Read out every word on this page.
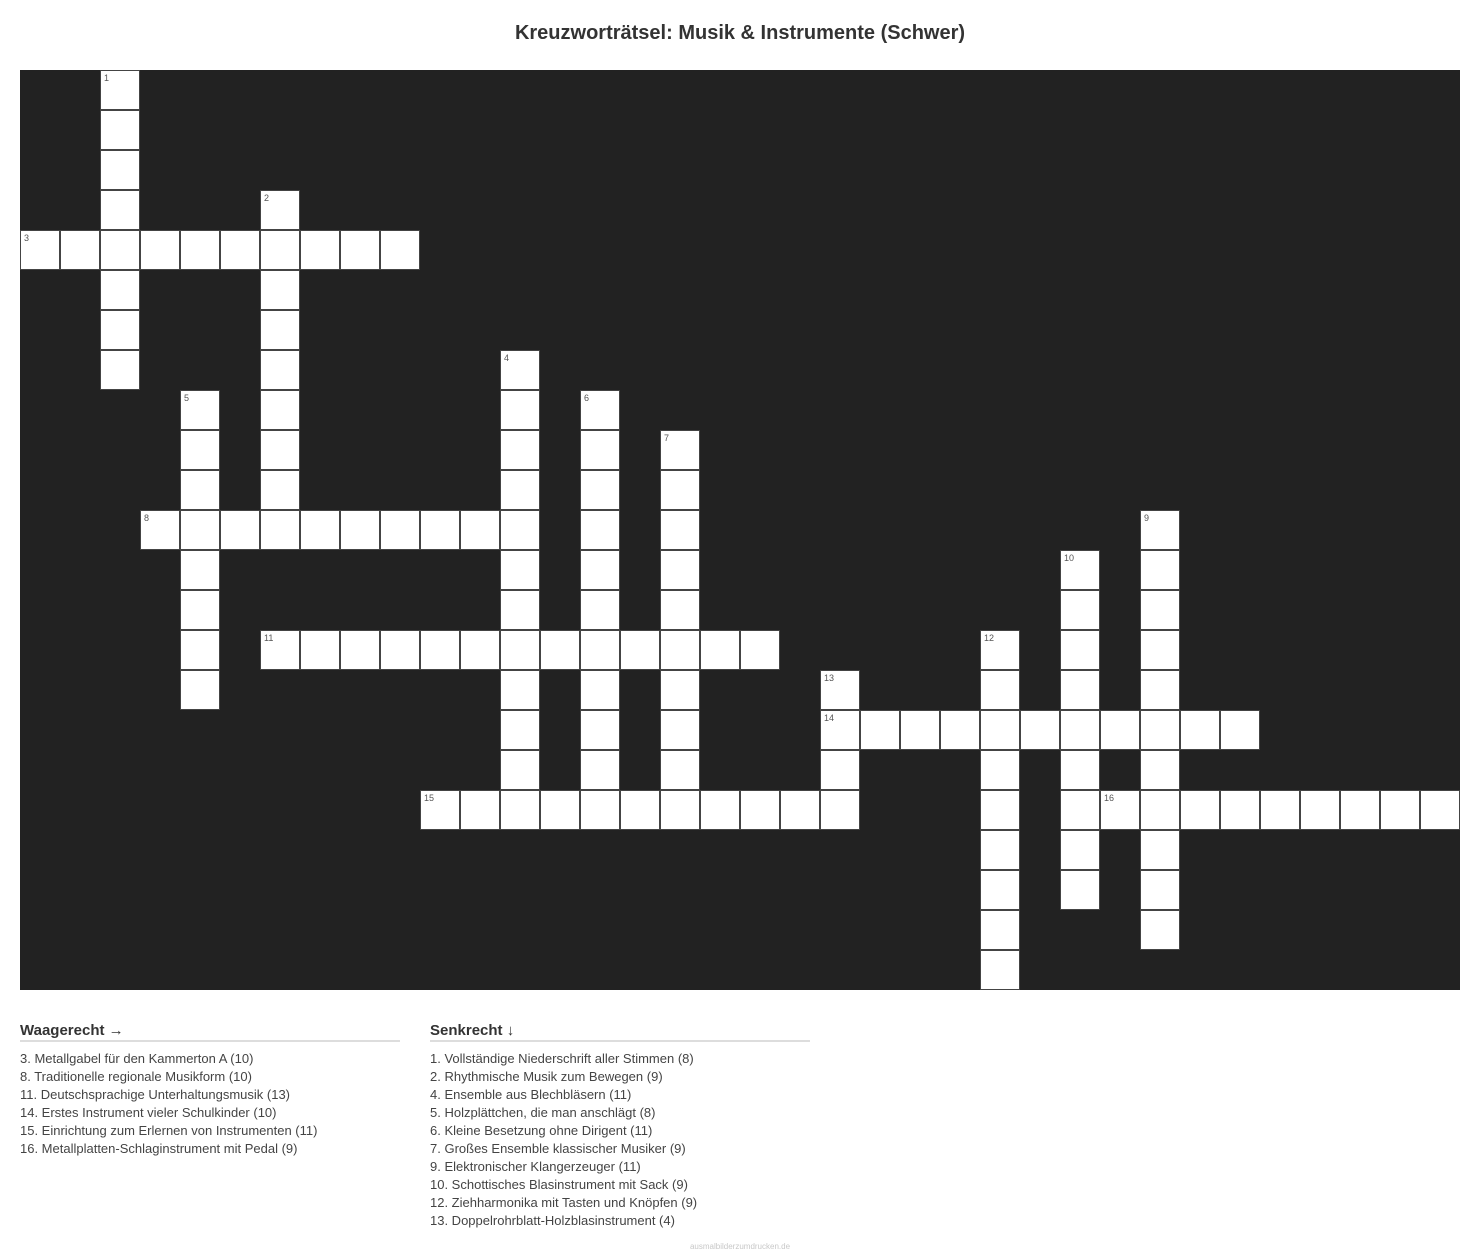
Kreuzworträtsel: Musik & Instrumente (Schwer)
1
2
3
4
5	6
7
8	9
10
11	12
13
14
15	16
Waagerecht →
3. Metallgabel für den Kammerton A (10)
8. Traditionelle regionale Musikform (10)
11. Deutschsprachige Unterhaltungsmusik (13)
14. Erstes Instrument vieler Schulkinder (10)
15. Einrichtung zum Erlernen von Instrumenten (11)
16. Metallplatten-Schlaginstrument mit Pedal (9)
Senkrecht ↓
1. Vollständige Niederschrift aller Stimmen (8)
2. Rhythmische Musik zum Bewegen (9)
4. Ensemble aus Blechbläsern (11)
5. Holzplättchen, die man anschlägt (8)
6. Kleine Besetzung ohne Dirigent (11)
7. Großes Ensemble klassischer Musiker (9)
9. Elektronischer Klangerzeuger (11)
10. Schottisches Blasinstrument mit Sack (9)
12. Ziehharmonika mit Tasten und Knöpfen (9)
13. Doppelrohrblatt-Holzblasinstrument (4)
ausmalbilderzumdrucken.de
